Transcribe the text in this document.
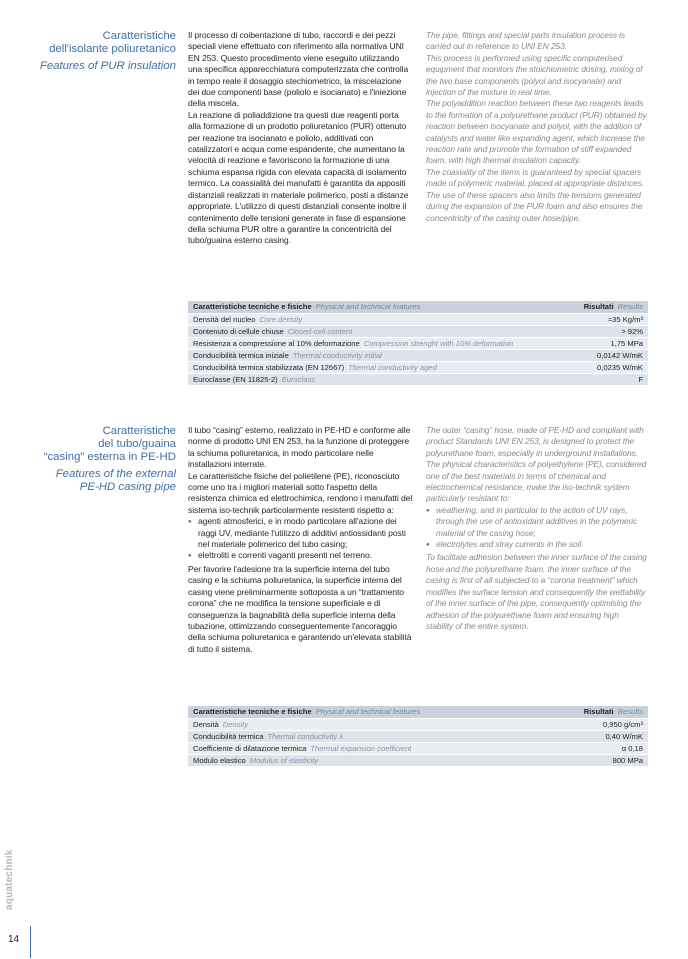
Caratteristiche
dell'isolante poliuretanico
Features of PUR insulation

Il processo di coibentazione di tubo, raccordi e dei pezzi speciali viene effettuato con riferimento alla normativa UNI EN 253. Questo procedimento viene eseguito utilizzando una specifica apparecchiatura computerizzata che controlla in tempo reale il dosaggio stechiometrico, la miscelazione dei due componenti base (poliolo e isocianato) e l'iniezione della miscela.

La reazione di poliaddizione tra questi due reagenti porta alla formazione di un prodotto poliuretanico (PUR) ottenuto per reazione tra isocianato e poliolo, additivati con catalizzatori e acqua come espandente, che aumentano la velocità di reazione e favoriscono la formazione di una schiuma espansa rigida con elevata capacità di isolamento termico. La coassialità dei manufatti è garantita da appositi distanziali realizzati in materiale polimerico, posti a distanze appropriate. L'utilizzo di questi distanziali consente inoltre il contenimento delle tensioni generate in fase di espansione della schiuma PUR oltre a garantire la concentricità del tubo/guaina esterno casing.

The pipe, fittings and special parts insulation process is carried out in reference to UNI EN 253.

This process is performed using specific computerised equipment that monitors the stoichiometric dosing, mixing of the two base components (polyol and isocyanate) and injection of the mixture in real time.

The polyaddition reaction between these two reagents leads to the formation of a polyurethane product (PUR) obtained by reaction between isocyanate and polyol, with the addition of catalysts and water like expanding agent, which increase the reaction rate and promote the formation of stiff expanded foam, with high thermal insulation capacity.

The coaxiality of the items is guaranteed by special spacers made of polymeric material, placed at appropriate distances.

The use of these spacers also limits the tensions generated during the expansion of the PUR foam and also ensures the concentricity of the casing outer hose/pipe.

Caratteristiche tecniche e fisiche Physical and technical features	Risultati Results
Densità del nucleo Core density	≈35 Kg/m³
Contenuto di cellule chiuse Closed-cell content	> 92%
Resistenza a compressione al 10% deformazione Compression strenght with 10% deformation	1,75 MPa
Conducibilità termica iniziale Thermal conductivity initial	0,0142 W/mK
Conducibilità termica stabilizzata (EN 12667) Thermal conductivity aged	0,0235 W/mK
Euroclasse (EN 11825-2) Euroclass	F
Caratteristiche
del tubo/guaina
“casing” esterna in PE-HD
Features of the external
PE-HD casing pipe

Il tubo “casing” esterno, realizzato in PE-HD e conforme alle norme di prodotto UNI EN 253, ha la funzione di proteggere la schiuma poliuretanica, in modo particolare nelle installazioni interrate.

Le caratteristiche fisiche del polietilene (PE), riconosciuto come uno tra i migliori materiali sotto l'aspetto della resistenza chimica ed elettrochimica, rendono i manufatti del sistema iso-technik particolarmente resistenti rispetto a:

●
agenti atmosferici, e in modo particolare all'azione dei raggi UV, mediante l'utilizzo di additivi antiossidanti posti nel materiale polimerico del tubo casing;
●
elettroliti e correnti vaganti presenti nel terreno.

Per favorire l'adesione tra la superficie interna del tubo casing e la schiuma poliuretanica, la superficie interna del casing viene preliminarmente sottoposta a un “trattamento corona” che ne modifica la tensione superficiale e di conseguenza la bagnabilità della superficie interna della tubazione, ottimizzando conseguentemente l'ancoraggio della schiuma poliuretanica e garantendo un'elevata stabilità di tutto il sistema.

The outer “casing” hose, made of PE-HD and compliant with product Standards UNI EN 253, is designed to protect the polyurethane foam, especially in underground installations.

The physical characteristics of polyethylene (PE), considered one of the best materials in terms of chemical and electrochemical resistance, make the iso-technik system particularly resistant to:

●
weathering, and in particular to the action of UV rays, through the use of antioxidant additives in the polymeric material of the casing hose;
●
electrolytes and stray currents in the soil.

To facilitate adhesion between the inner surface of the casing hose and the polyurethane foam, the inner surface of the casing is first of all subjected to a “corona treatment” which modifies the surface tension and consequently the wettability of the inner surface of the pipe, consequently optimising the adhesion of the polyurethane foam and ensuring high stability of the entire system.

Caratteristiche tecniche e fisiche Physical and technical features	Risultati Results
Densità Density	0,950 g/cm³
Conducibilità termica Thermal conductivity λ	0,40 W/mK
Coefficiente di dilatazione termica Thermal expansion coefficient	α 0,18
Modulo elastico Modulus of elasticity	800 MPa
aquatechnik
14
